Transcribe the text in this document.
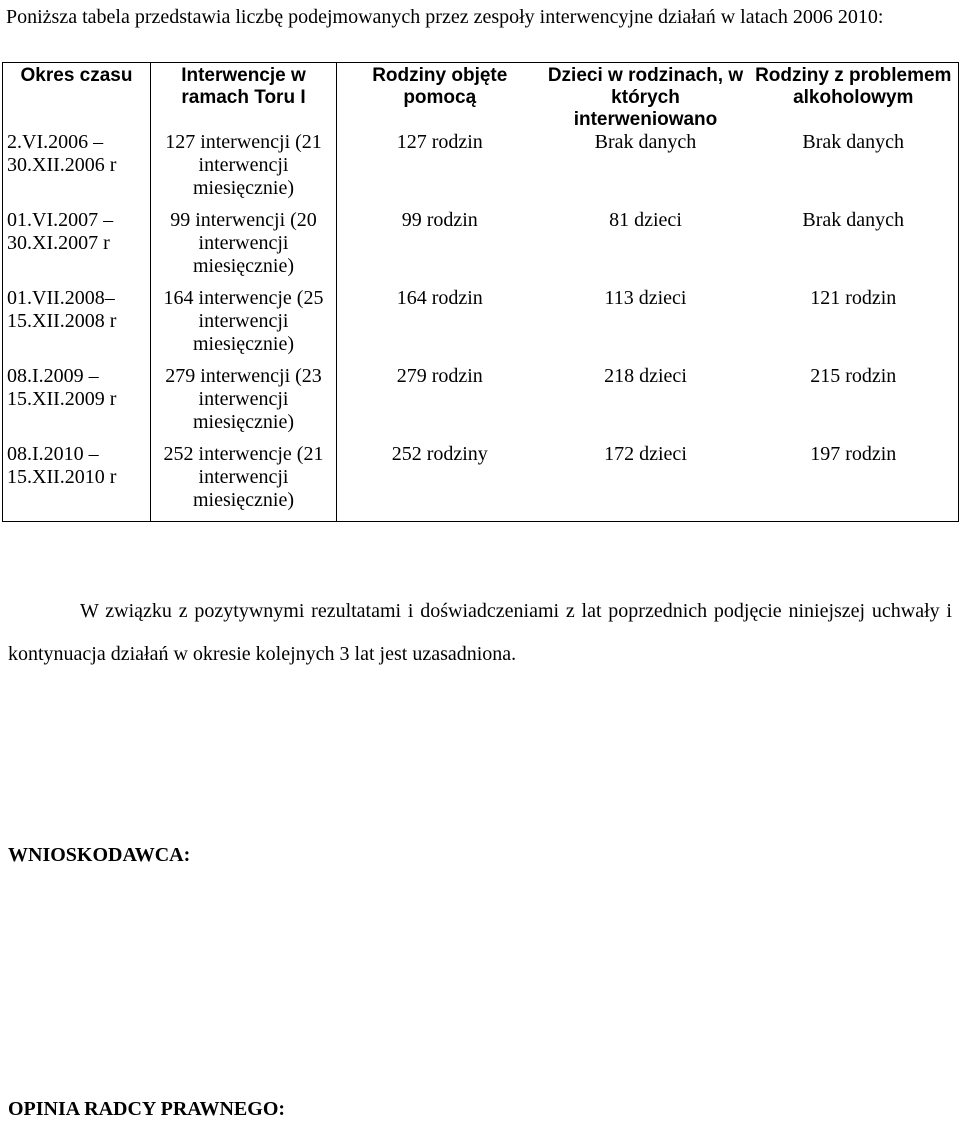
Poniższa tabela przedstawia liczbę podejmowanych przez zespoły interwencyjne działań w latach 2006 2010:
Okres czasu	Interwencje w ramach Toru I	Rodziny objęte pomocą	Dzieci w rodzinach, w których interweniowano	Rodziny z problemem alkoholowym
2.VI.2006 – 30.XII.2006 r	127 interwencji (21 interwencji miesięcznie)	127 rodzin	Brak danych	Brak danych
01.VI.2007 – 30.XI.2007 r	99 interwencji (20 interwencji miesięcznie)	99 rodzin	81 dzieci	Brak danych
01.VII.2008– 15.XII.2008 r	164 interwencje (25 interwencji miesięcznie)	164 rodzin	113 dzieci	121 rodzin
08.I.2009 – 15.XII.2009 r	279 interwencji (23 interwencji miesięcznie)	279 rodzin	218 dzieci	215 rodzin
08.I.2010 – 15.XII.2010 r	252 interwencje (21 interwencji miesięcznie)	252 rodziny	172 dzieci	197 rodzin
W związku z pozytywnymi rezultatami i doświadczeniami z lat poprzednich podjęcie niniejszej uchwały i kontynuacja działań w okresie kolejnych 3 lat jest uzasadniona.
WNIOSKODAWCA:
OPINIA RADCY PRAWNEGO:
